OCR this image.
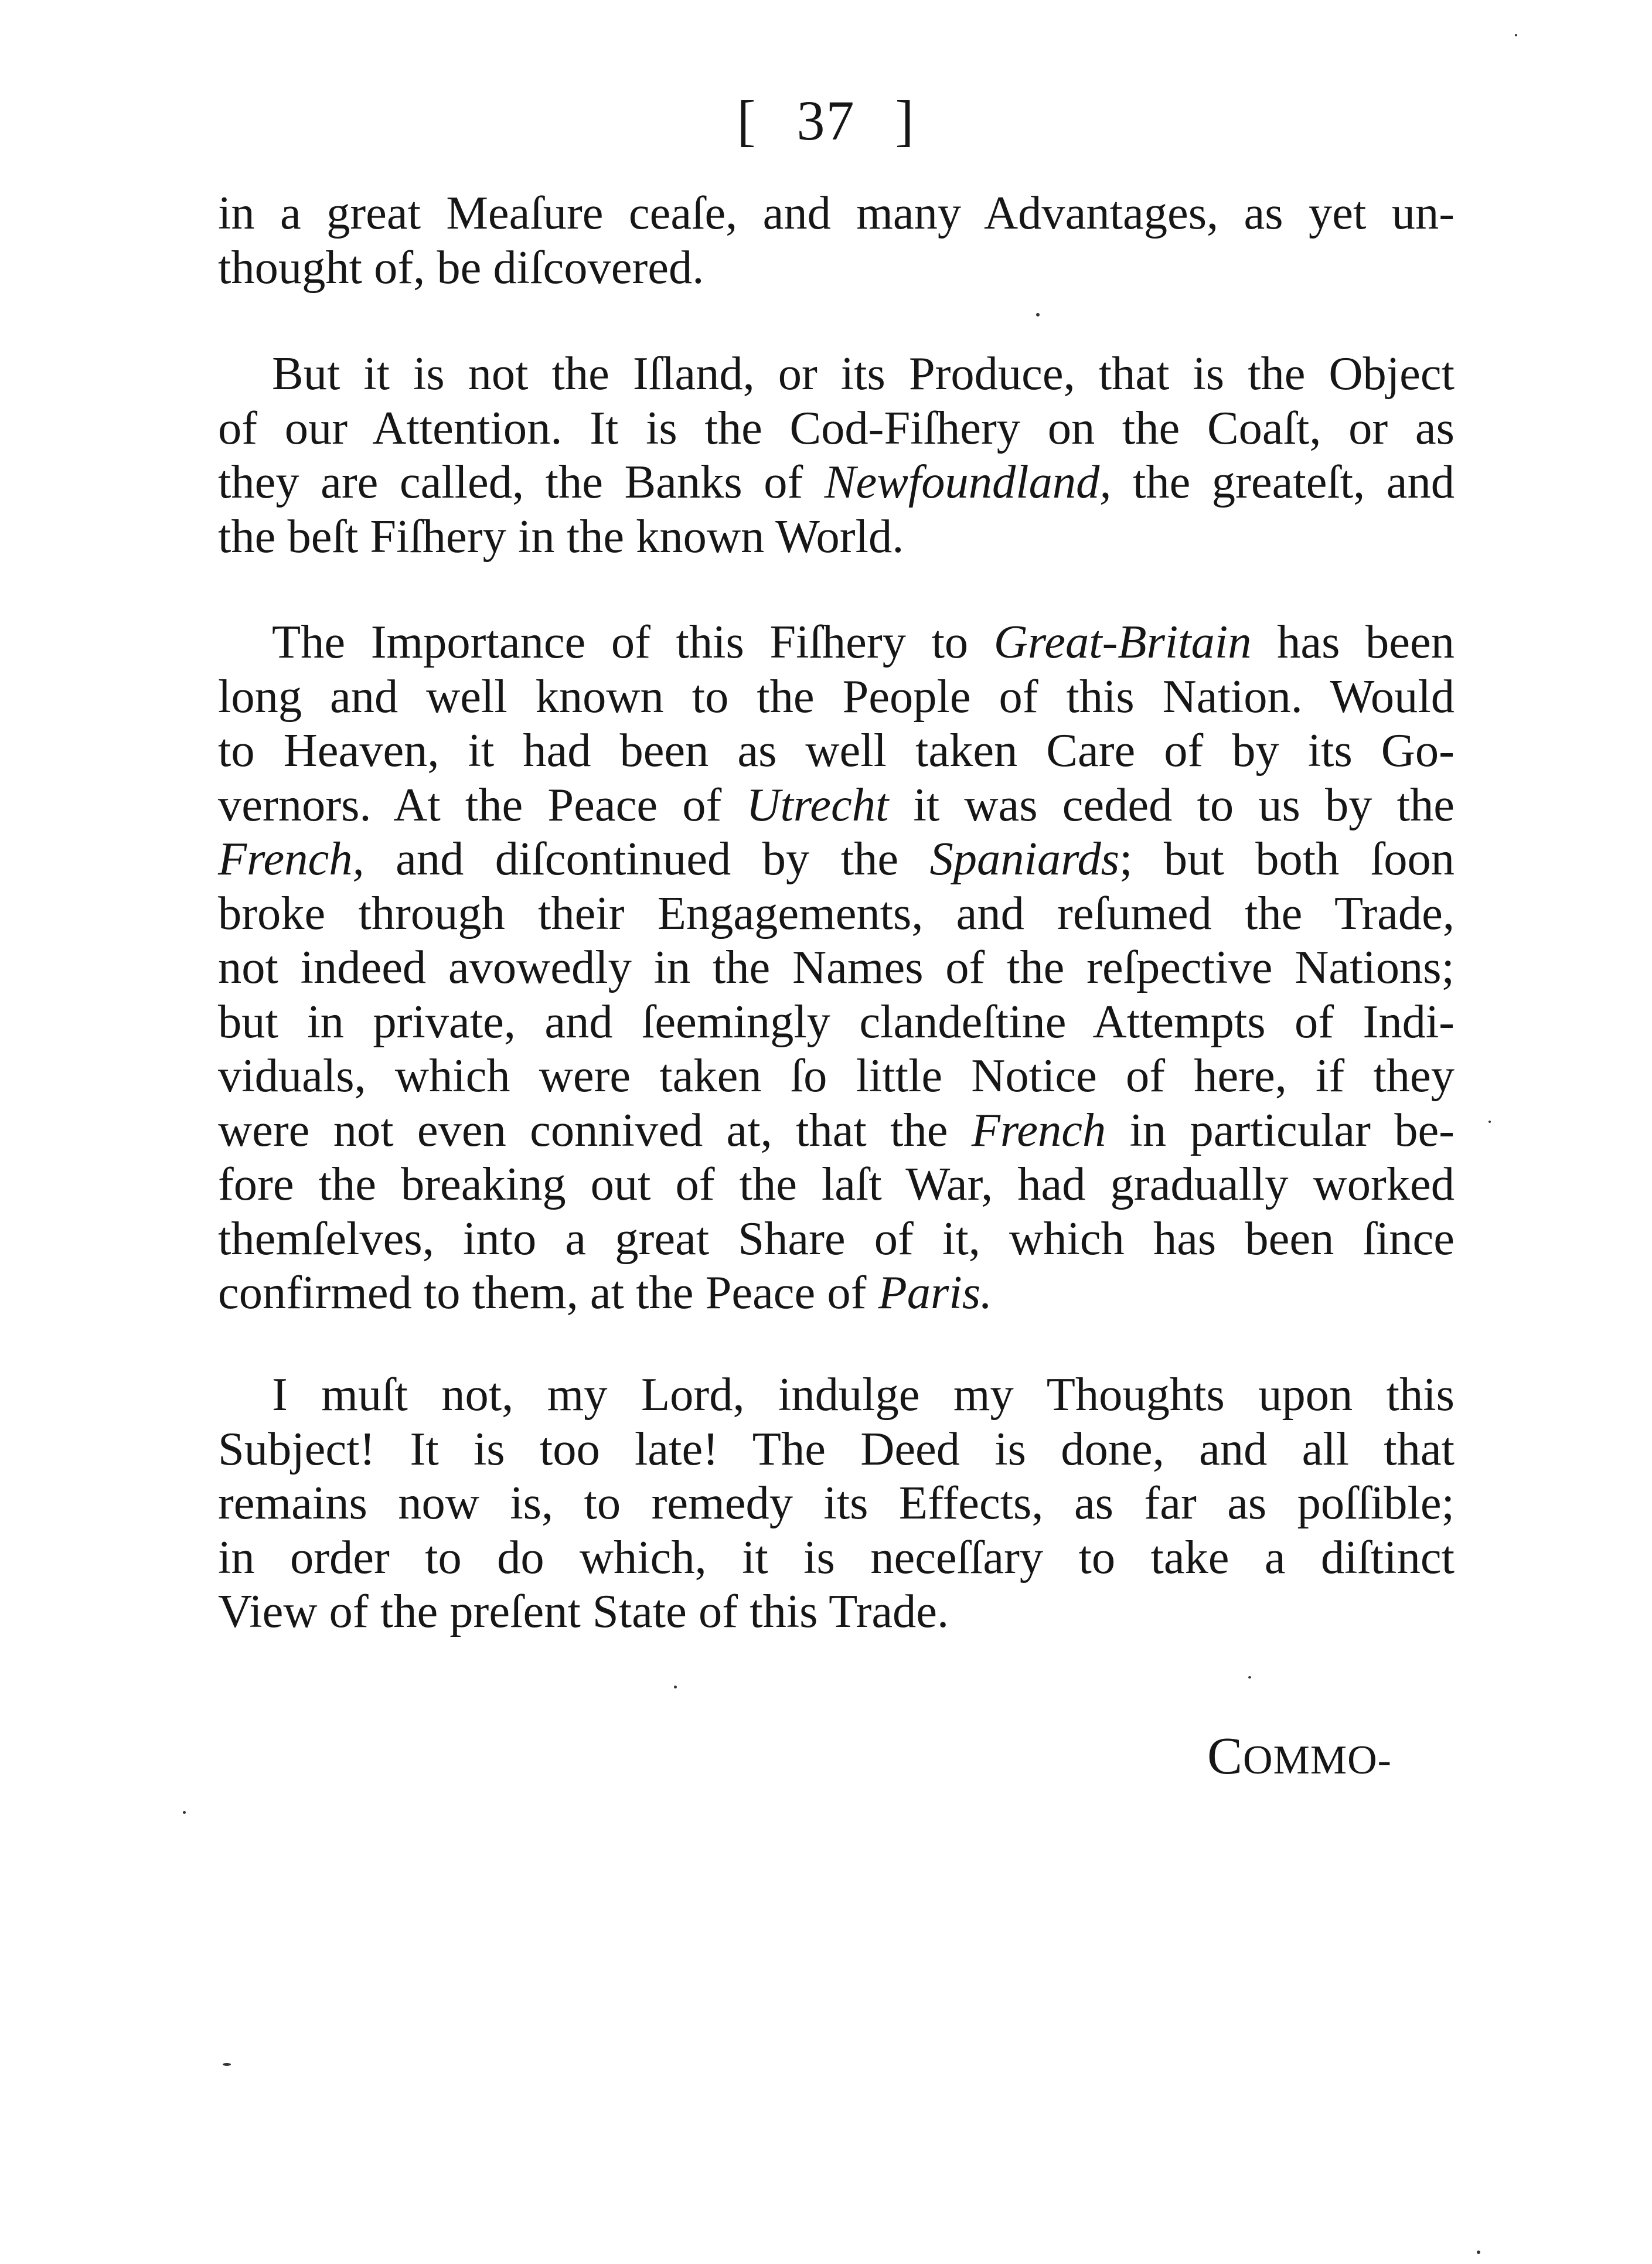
[ 37 ]
in a great Meaſure ceaſe, and many Advantages, as yet un-
thought of, be diſcovered.
But it is not the Iſland, or its Produce, that is the Object
of our Attention. It is the Cod-Fiſhery on the Coaſt, or as
they are called, the Banks of Newfoundland, the greateſt, and
the beſt Fiſhery in the known World.
The Importance of this Fiſhery to Great-Britain has been
long and well known to the People of this Nation. Would
to Heaven, it had been as well taken Care of by its Go-
vernors. At the Peace of Utrecht it was ceded to us by the
French, and diſcontinued by the Spaniards; but both ſoon
broke through their Engagements, and reſumed the Trade,
not indeed avowedly in the Names of the reſpective Nations;
but in private, and ſeemingly clandeſtine Attempts of Indi-
viduals, which were taken ſo little Notice of here, if they
were not even connived at, that the French in particular be-
fore the breaking out of the laſt War, had gradually worked
themſelves, into a great Share of it, which has been ſince
confirmed to them, at the Peace of Paris.
I muſt not, my Lord, indulge my Thoughts upon this
Subject! It is too late! The Deed is done, and all that
remains now is, to remedy its Effects, as far as poſſible;
in order to do which, it is neceſſary to take a diſtinct
View of the preſent State of this Trade.
COMMO-
